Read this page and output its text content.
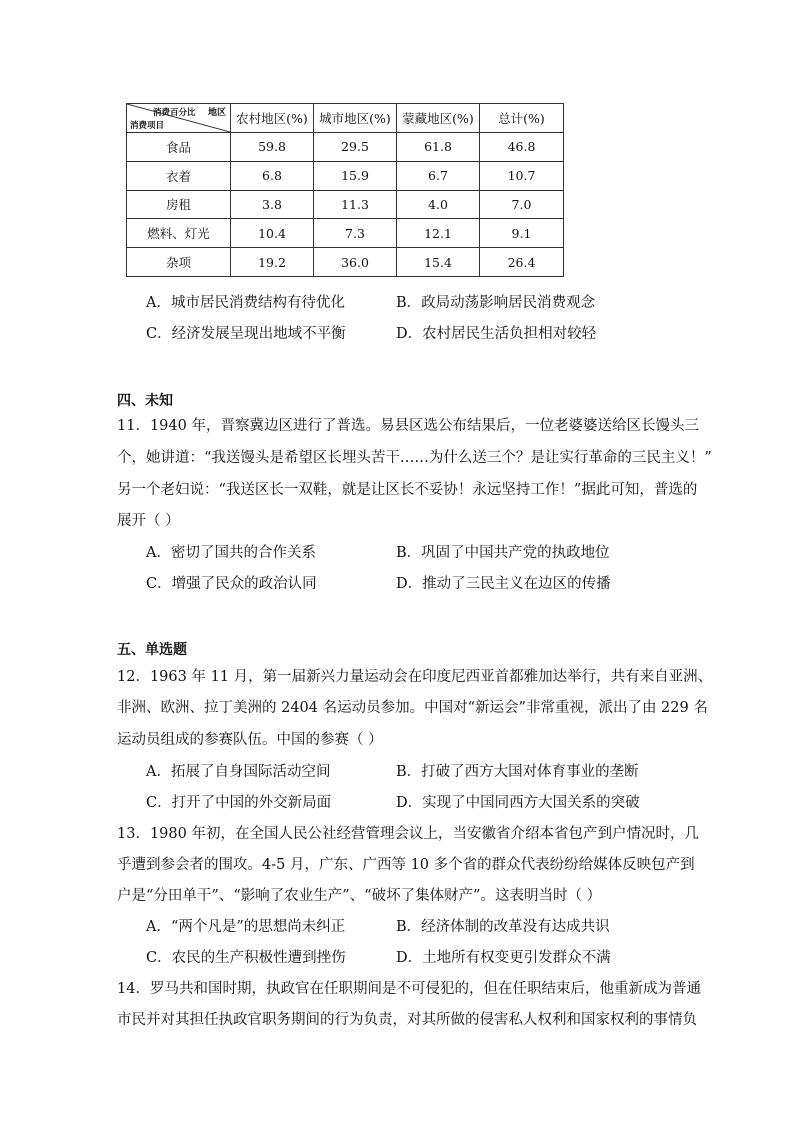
消费百分比 地区
消费项目	农村地区(%)	城市地区(%)	蒙藏地区(%)	总计(%)
食品	59.8	29.5	61.8	46.8
衣着	6.8	15.9	6.7	10.7
房租	3.8	11.3	4.0	7.0
燃料、灯光	10.4	7.3	12.1	9.1
杂项	19.2	36.0	15.4	26.4
A．城市居民消费结构有待优化	B．政局动荡影响居民消费观念
C．经济发展呈现出地域不平衡	D．农村居民生活负担相对较轻
四、未知
11．1940 年，晋察冀边区进行了普选。易县区选公布结果后，一位老婆婆送给区长馒头三
个，她讲道：“我送馒头是希望区长埋头苦干……为什么送三个？是让实行革命的三民主义！”
另一个老妇说：“我送区长一双鞋，就是让区长不妥协！永远坚持工作！”据此可知，普选的
展开（ ）
A．密切了国共的合作关系	B．巩固了中国共产党的执政地位
C．增强了民众的政治认同	D．推动了三民主义在边区的传播
五、单选题
12．1963 年 11 月，第一届新兴力量运动会在印度尼西亚首都雅加达举行，共有来自亚洲、
非洲、欧洲、拉丁美洲的 2404 名运动员参加。中国对“新运会”非常重视，派出了由 229 名
运动员组成的参赛队伍。中国的参赛（ ）
A．拓展了自身国际活动空间	B．打破了西方大国对体育事业的垄断
C．打开了中国的外交新局面	D．实现了中国同西方大国关系的突破
13．1980 年初，在全国人民公社经营管理会议上，当安徽省介绍本省包产到户情况时，几
乎遭到参会者的围攻。4-5 月，广东、广西等 10 多个省的群众代表纷纷给媒体反映包产到
户是“分田单干”、“影响了农业生产”、“破坏了集体财产”。这表明当时（ ）
A．“两个凡是”的思想尚未纠正	B．经济体制的改革没有达成共识
C．农民的生产积极性遭到挫伤	D．土地所有权变更引发群众不满
14．罗马共和国时期，执政官在任职期间是不可侵犯的，但在任职结束后，他重新成为普通
市民并对其担任执政官职务期间的行为负责，对其所做的侵害私人权利和国家权利的事情负
